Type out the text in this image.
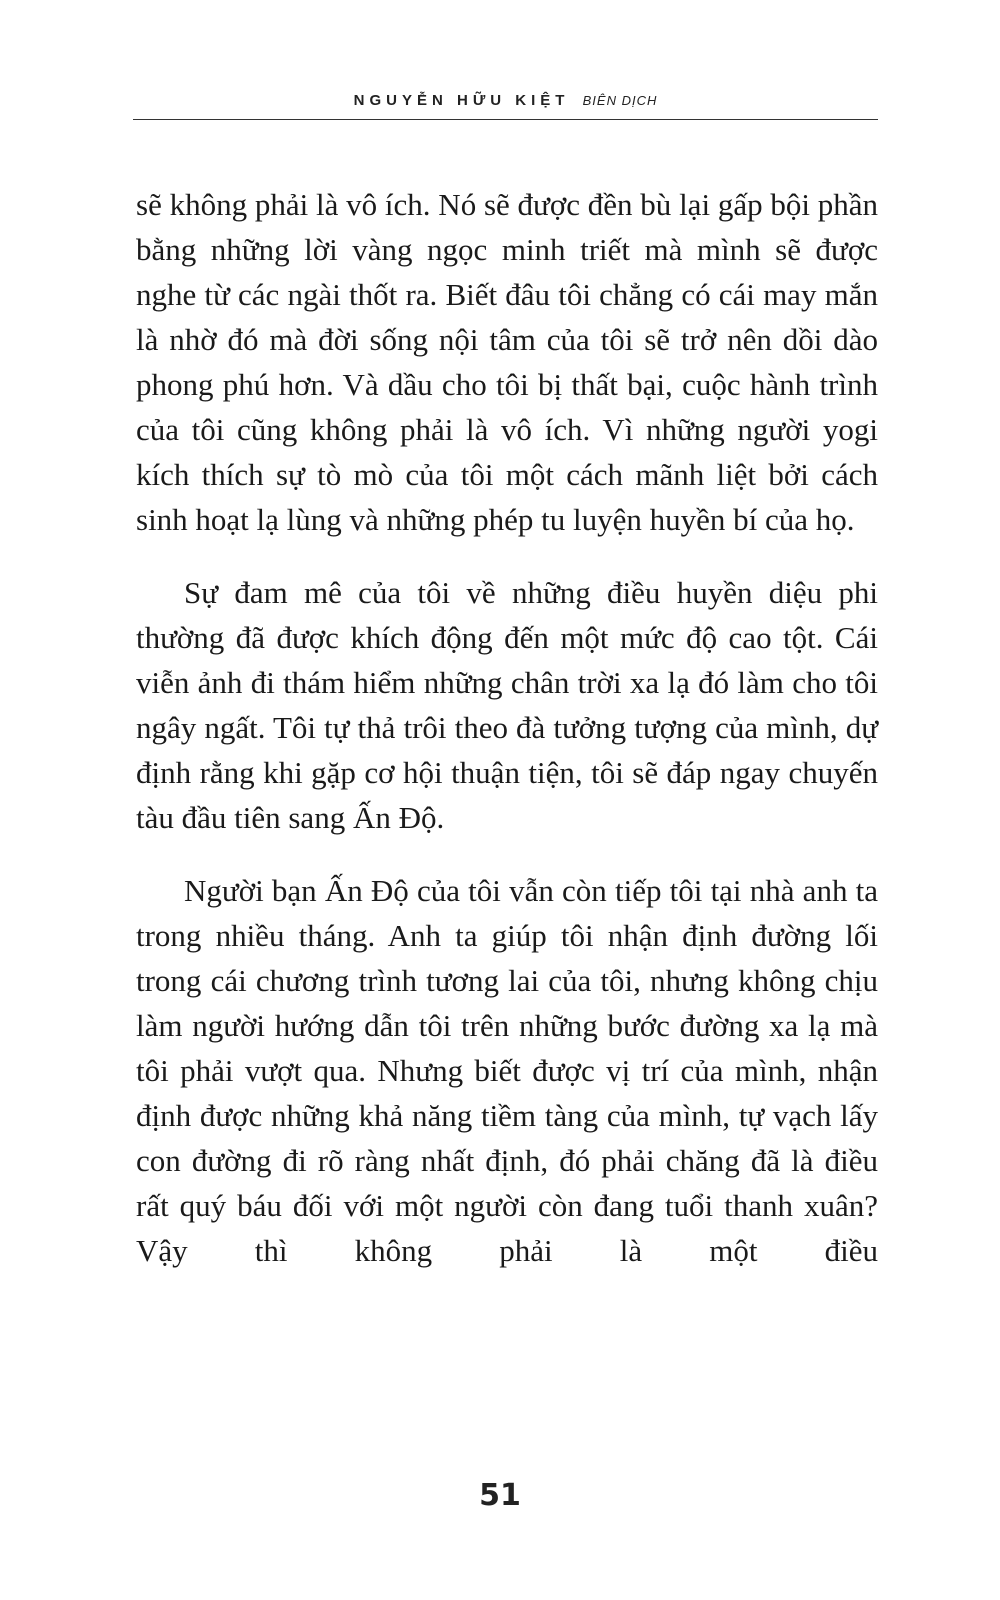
NGUYỄN HỮU KIỆT BIÊN DỊCH

sẽ không phải là vô ích. Nó sẽ được đền bù lại gấp bội phần bằng những lời vàng ngọc minh triết mà mình sẽ được nghe từ các ngài thốt ra. Biết đâu tôi chẳng có cái may mắn là nhờ đó mà đời sống nội tâm của tôi sẽ trở nên dồi dào phong phú hơn. Và dầu cho tôi bị thất bại, cuộc hành trình của tôi cũng không phải là vô ích. Vì những người yogi kích thích sự tò mò của tôi một cách mãnh liệt bởi cách sinh hoạt lạ lùng và những phép tu luyện huyền bí của họ.

Sự đam mê của tôi về những điều huyền diệu phi thường đã được khích động đến một mức độ cao tột. Cái viễn ảnh đi thám hiểm những chân trời xa lạ đó làm cho tôi ngây ngất. Tôi tự thả trôi theo đà tưởng tượng của mình, dự định rằng khi gặp cơ hội thuận tiện, tôi sẽ đáp ngay chuyến tàu đầu tiên sang Ấn Độ.

Người bạn Ấn Độ của tôi vẫn còn tiếp tôi tại nhà anh ta trong nhiều tháng. Anh ta giúp tôi nhận định đường lối trong cái chương trình tương lai của tôi, nhưng không chịu làm người hướng dẫn tôi trên những bước đường xa lạ mà tôi phải vượt qua. Nhưng biết được vị trí của mình, nhận định được những khả năng tiềm tàng của mình, tự vạch lấy con đường đi rõ ràng nhất định, đó phải chăng đã là điều rất quý báu đối với một người còn đang tuổi thanh xuân? Vậy thì không phải là một điều

51
